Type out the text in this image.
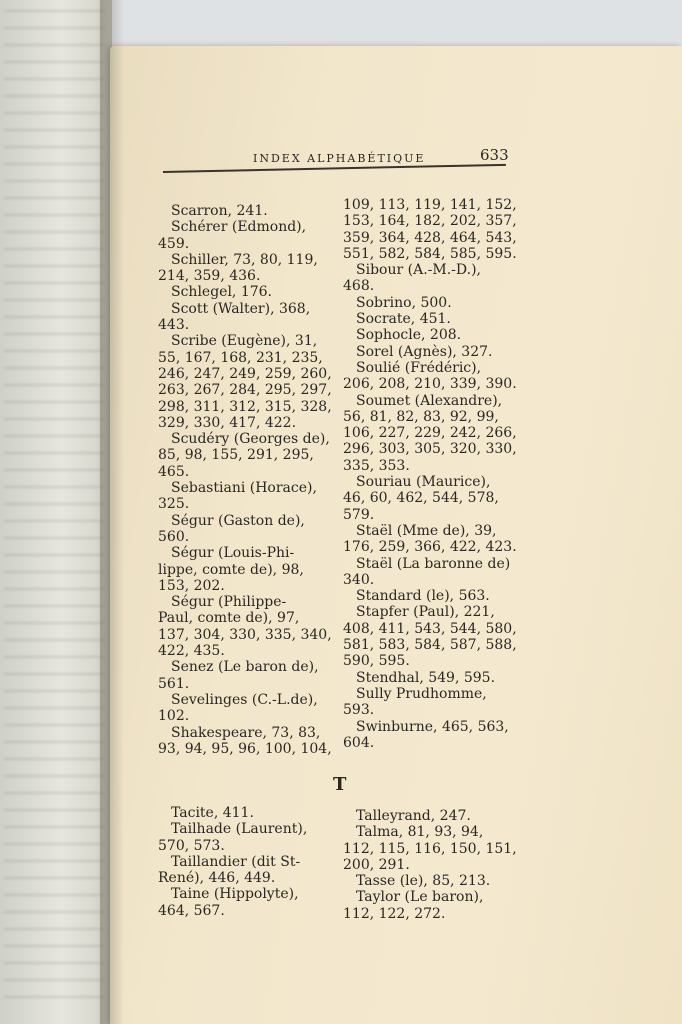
INDEX ALPHABÉTIQUE	633
Scarron, 241.
Schérer (Edmond),
459.
Schiller, 73, 80, 119,
214, 359, 436.
Schlegel, 176.
Scott (Walter), 368,
443.
Scribe (Eugène), 31,
55, 167, 168, 231, 235,
246, 247, 249, 259, 260,
263, 267, 284, 295, 297,
298, 311, 312, 315, 328,
329, 330, 417, 422.
Scudéry (Georges de),
85, 98, 155, 291, 295,
465.
Sebastiani (Horace),
325.
Ségur (Gaston de),
560.
Ségur (Louis-Phi-
lippe, comte de), 98,
153, 202.
Ségur (Philippe-
Paul, comte de), 97,
137, 304, 330, 335, 340,
422, 435.
Senez (Le baron de),
561.
Sevelinges (C.-L.de),
102.
Shakespeare, 73, 83,
93, 94, 95, 96, 100, 104,
109, 113, 119, 141, 152,
153, 164, 182, 202, 357,
359, 364, 428, 464, 543,
551, 582, 584, 585, 595.
Sibour (A.-M.-D.),
468.
Sobrino, 500.
Socrate, 451.
Sophocle, 208.
Sorel (Agnès), 327.
Soulié (Frédéric),
206, 208, 210, 339, 390.
Soumet (Alexandre),
56, 81, 82, 83, 92, 99,
106, 227, 229, 242, 266,
296, 303, 305, 320, 330,
335, 353.
Souriau (Maurice),
46, 60, 462, 544, 578,
579.
Staël (Mme de), 39,
176, 259, 366, 422, 423.
Staël (La baronne de)
340.
Standard (le), 563.
Stapfer (Paul), 221,
408, 411, 543, 544, 580,
581, 583, 584, 587, 588,
590, 595.
Stendhal, 549, 595.
Sully Prudhomme,
593.
Swinburne, 465, 563,
604.
T
Tacite, 411.
Tailhade (Laurent),
570, 573.
Taillandier (dit St-
René), 446, 449.
Taine (Hippolyte),
464, 567.
Talleyrand, 247.
Talma, 81, 93, 94,
112, 115, 116, 150, 151,
200, 291.
Tasse (le), 85, 213.
Taylor (Le baron),
112, 122, 272.
